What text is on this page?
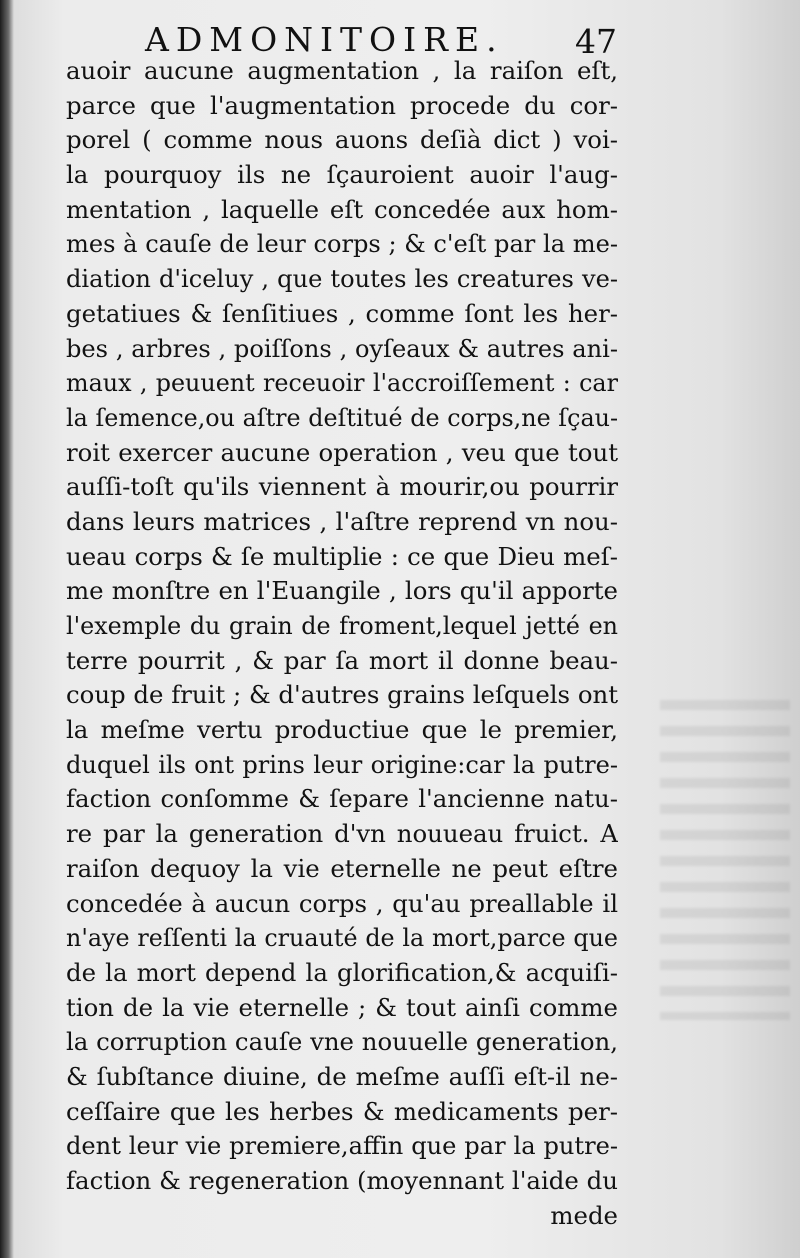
ADMONITOIRE. 47
auoir aucune augmentation , la raiſon eſt,
parce que l'augmentation procede du cor-
porel ( comme nous auons deſià dict ) voi-
la pourquoy ils ne ſçauroient auoir l'aug-
mentation , laquelle eſt concedée aux hom-
mes à cauſe de leur corps ; & c'eſt par la me-
diation d'iceluy , que toutes les creatures ve-
getatiues & ſenſitiues , comme ſont les her-
bes , arbres , poiſſons , oyſeaux & autres ani-
maux , peuuent receuoir l'accroiſſement : car
la ſemence,ou aſtre deſtitué de corps,ne ſçau-
roit exercer aucune operation , veu que tout
auſſi-toſt qu'ils viennent à mourir,ou pourrir
dans leurs matrices , l'aſtre reprend vn nou-
ueau corps & ſe multiplie : ce que Dieu meſ-
me monſtre en l'Euangile , lors qu'il apporte
l'exemple du grain de froment,lequel jetté en
terre pourrit , & par ſa mort il donne beau-
coup de fruit ; & d'autres grains leſquels ont
la meſme vertu productiue que le premier,
duquel ils ont prins leur origine:car la putre-
faction conſomme & ſepare l'ancienne natu-
re par la generation d'vn nouueau fruict. A
raiſon dequoy la vie eternelle ne peut eſtre
concedée à aucun corps , qu'au preallable il
n'aye reſſenti la cruauté de la mort,parce que
de la mort depend la glorification,& acquiſi-
tion de la vie eternelle ; & tout ainſi comme
la corruption cauſe vne nouuelle generation,
& ſubſtance diuine, de meſme auſſi eſt-il ne-
ceſſaire que les herbes & medicaments per-
dent leur vie premiere,affin que par la putre-
faction & regeneration (moyennant l'aide du
mede
